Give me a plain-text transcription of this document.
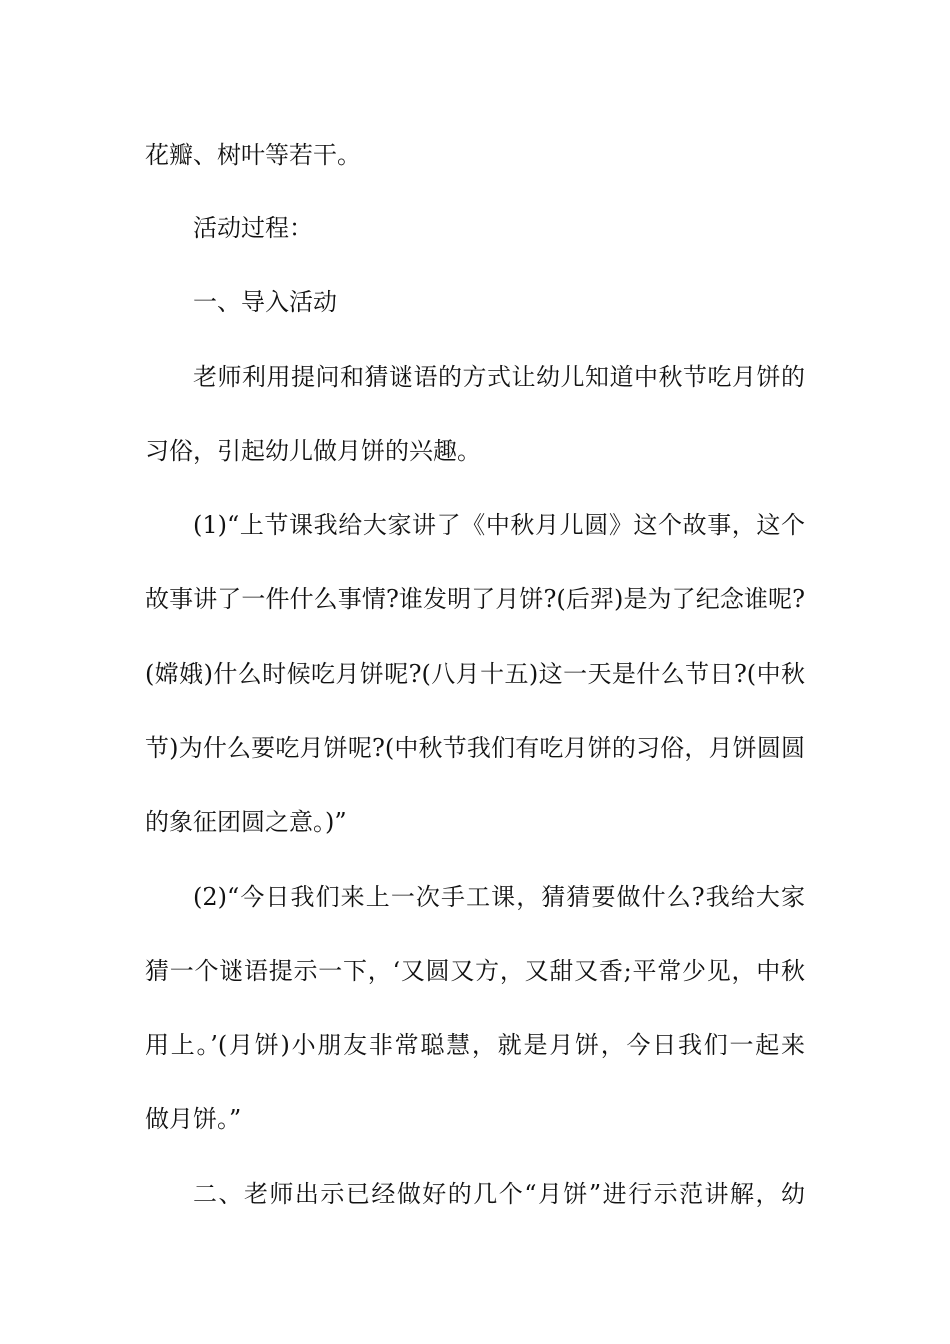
花瓣、树叶等若干。
活动过程：
一、导入活动
老师利用提问和猜谜语的方式让幼儿知道中秋节吃月饼的
习俗，引起幼儿做月饼的兴趣。
(1)“上节课我给大家讲了《中秋月儿圆》这个故事，这个
故事讲了一件什么事情?谁发明了月饼?(后羿)是为了纪念谁呢?
(嫦娥)什么时候吃月饼呢?(八月十五)这一天是什么节日?(中秋
节)为什么要吃月饼呢?(中秋节我们有吃月饼的习俗，月饼圆圆
的象征团圆之意。)”
(2)“今日我们来上一次手工课，猜猜要做什么?我给大家
猜一个谜语提示一下，‘又圆又方，又甜又香;平常少见，中秋
用上。’(月饼)小朋友非常聪慧，就是月饼，今日我们一起来
做月饼。”
二、老师出示已经做好的几个“月饼”进行示范讲解，幼
